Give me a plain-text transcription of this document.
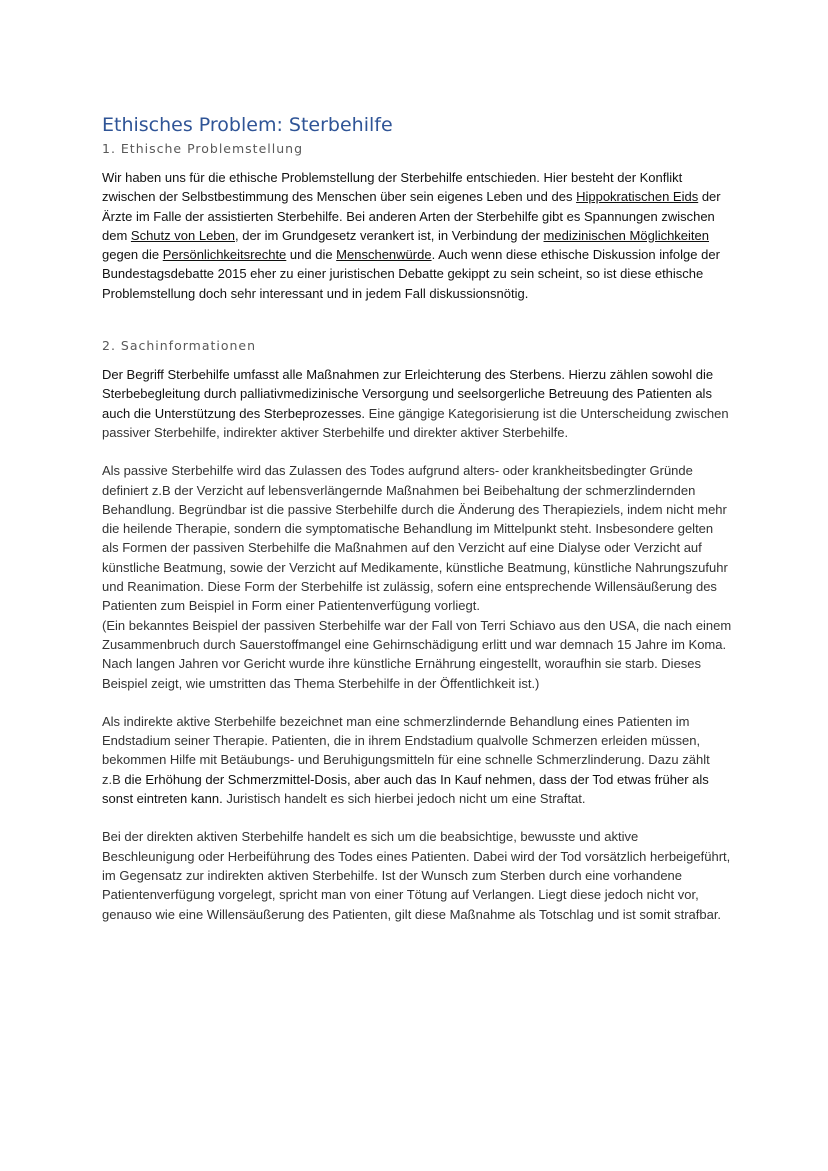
Ethisches Problem: Sterbehilfe
1. Ethische Problemstellung

Wir haben uns für die ethische Problemstellung der Sterbehilfe entschieden. Hier besteht der Konflikt zwischen der Selbstbestimmung des Menschen über sein eigenes Leben und des Hippokratischen Eids der Ärzte im Falle der assistierten Sterbehilfe. Bei anderen Arten der Sterbehilfe gibt es Spannungen zwischen dem Schutz von Leben, der im Grundgesetz verankert ist, in Verbindung der medizinischen Möglichkeiten gegen die Persönlichkeitsrechte und die Menschenwürde. Auch wenn diese ethische Diskussion infolge der Bundestagsdebatte 2015 eher zu einer juristischen Debatte gekippt zu sein scheint, so ist diese ethische Problemstellung doch sehr interessant und in jedem Fall diskussionsnötig.

2. Sachinformationen

Der Begriff Sterbehilfe umfasst alle Maßnahmen zur Erleichterung des Sterbens. Hierzu zählen sowohl die Sterbebegleitung durch palliativmedizinische Versorgung und seelsorgerliche Betreuung des Patienten als auch die Unterstützung des Sterbeprozesses. Eine gängige Kategorisierung ist die Unterscheidung zwischen passiver Sterbehilfe, indirekter aktiver Sterbehilfe und direkter aktiver Sterbehilfe.

Als passive Sterbehilfe wird das Zulassen des Todes aufgrund alters- oder krankheitsbedingter Gründe definiert z.B der Verzicht auf lebensverlängernde Maßnahmen bei Beibehaltung der schmerzlindernden Behandlung. Begründbar ist die passive Sterbehilfe durch die Änderung des Therapieziels, indem nicht mehr die heilende Therapie, sondern die symptomatische Behandlung im Mittelpunkt steht. Insbesondere gelten als Formen der passiven Sterbehilfe die Maßnahmen auf den Verzicht auf eine Dialyse oder Verzicht auf künstliche Beatmung, sowie der Verzicht auf Medikamente, künstliche Beatmung, künstliche Nahrungszufuhr und Reanimation. Diese Form der Sterbehilfe ist zulässig, sofern eine entsprechende Willensäußerung des Patienten zum Beispiel in Form einer Patientenverfügung vorliegt.

(Ein bekanntes Beispiel der passiven Sterbehilfe war der Fall von Terri Schiavo aus den USA, die nach einem Zusammenbruch durch Sauerstoffmangel eine Gehirnschädigung erlitt und war demnach 15 Jahre im Koma. Nach langen Jahren vor Gericht wurde ihre künstliche Ernährung eingestellt, woraufhin sie starb. Dieses Beispiel zeigt, wie umstritten das Thema Sterbehilfe in der Öffentlichkeit ist.)

Als indirekte aktive Sterbehilfe bezeichnet man eine schmerzlindernde Behandlung eines Patienten im Endstadium seiner Therapie. Patienten, die in ihrem Endstadium qualvolle Schmerzen erleiden müssen, bekommen Hilfe mit Betäubungs- und Beruhigungsmitteln für eine schnelle Schmerzlinderung. Dazu zählt z.B die Erhöhung der Schmerzmittel-Dosis, aber auch das In Kauf nehmen, dass der Tod etwas früher als sonst eintreten kann. Juristisch handelt es sich hierbei jedoch nicht um eine Straftat.

Bei der direkten aktiven Sterbehilfe handelt es sich um die beabsichtige, bewusste und aktive Beschleunigung oder Herbeiführung des Todes eines Patienten. Dabei wird der Tod vorsätzlich herbeigeführt, im Gegensatz zur indirekten aktiven Sterbehilfe. Ist der Wunsch zum Sterben durch eine vorhandene Patientenverfügung vorgelegt, spricht man von einer Tötung auf Verlangen. Liegt diese jedoch nicht vor, genauso wie eine Willensäußerung des Patienten, gilt diese Maßnahme als Totschlag und ist somit strafbar.
